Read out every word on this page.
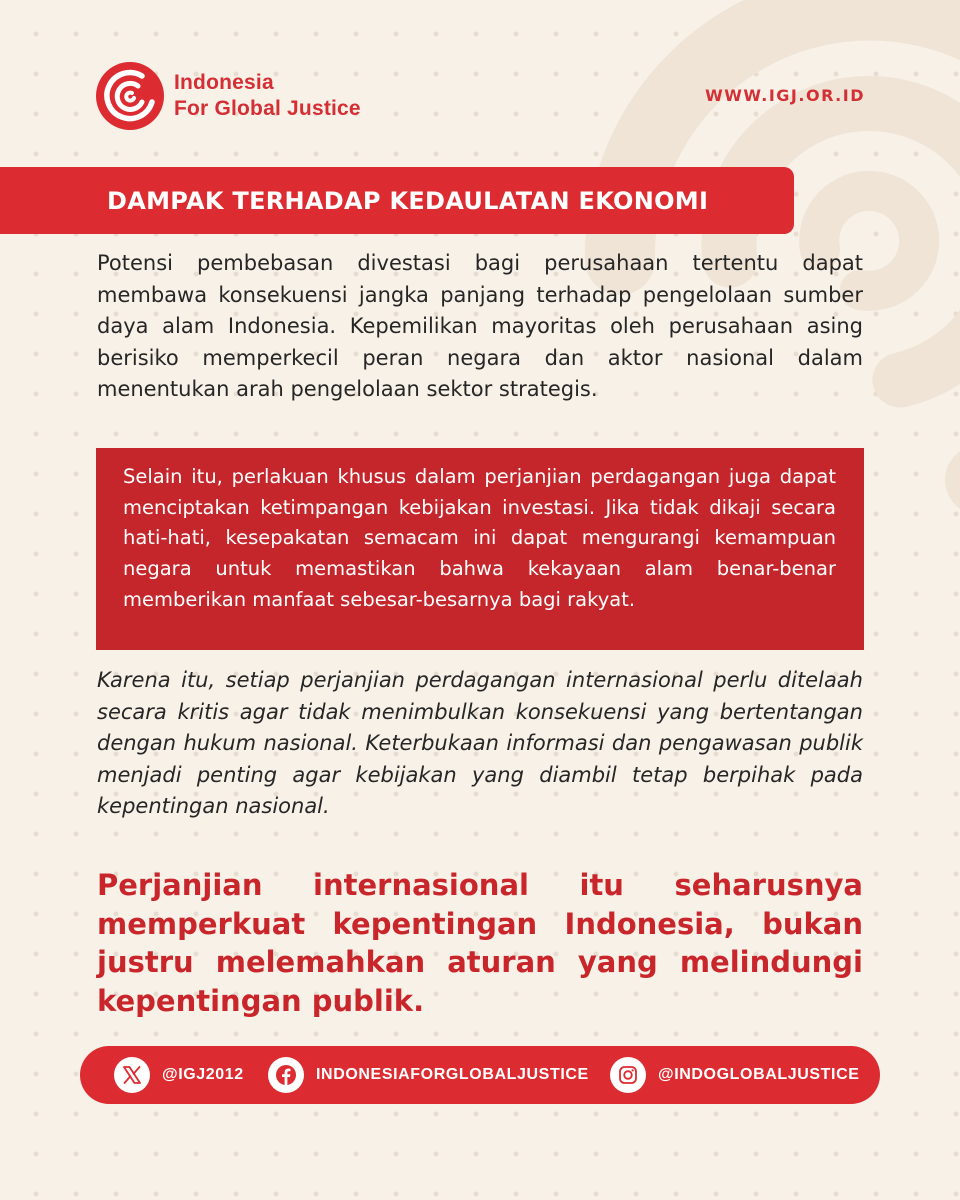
Indonesia
For Global Justice
WWW.IGJ.OR.ID
DAMPAK TERHADAP KEDAULATAN EKONOMI

Potensi pembebasan divestasi bagi perusahaan tertentu dapat membawa konsekuensi jangka panjang terhadap pengelolaan sumber daya alam Indonesia. Kepemilikan mayoritas oleh perusahaan asing berisiko memperkecil peran negara dan aktor nasional dalam menentukan arah pengelolaan sektor strategis.

Selain itu, perlakuan khusus dalam perjanjian perdagangan juga dapat menciptakan ketimpangan kebijakan investasi. Jika tidak dikaji secara hati-hati, kesepakatan semacam ini dapat mengurangi kemampuan negara untuk memastikan bahwa kekayaan alam benar-benar memberikan manfaat sebesar-besarnya bagi rakyat.

Karena itu, setiap perjanjian perdagangan internasional perlu ditelaah secara kritis agar tidak menimbulkan konsekuensi yang bertentangan dengan hukum nasional. Keterbukaan informasi dan pengawasan publik menjadi penting agar kebijakan yang diambil tetap berpihak pada kepentingan nasional.

Perjanjian internasional itu seharusnya memperkuat kepentingan Indonesia, bukan justru melemahkan aturan yang melindungi kepentingan publik.

@IGJ2012	INDONESIAFORGLOBALJUSTICE	@INDOGLOBALJUSTICE
